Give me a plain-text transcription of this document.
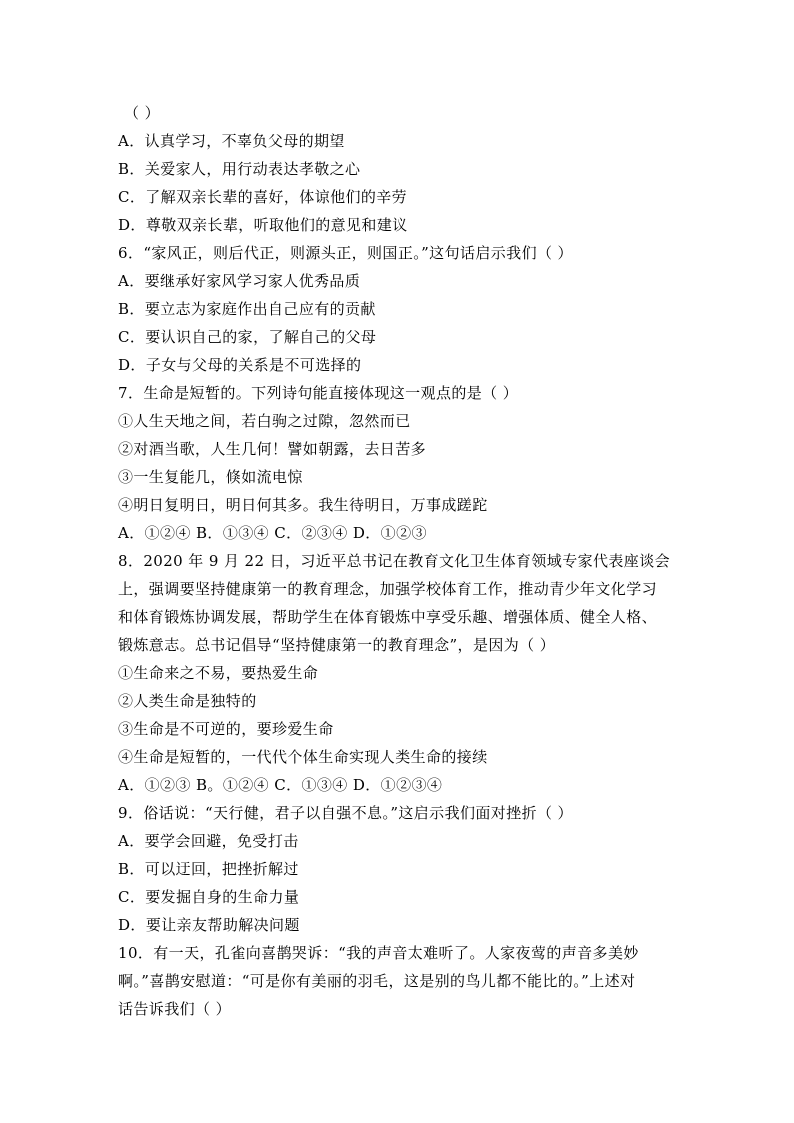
（ ）
A．认真学习，不辜负父母的期望
B．关爱家人，用行动表达孝敬之心
C．了解双亲长辈的喜好，体谅他们的辛劳
D．尊敬双亲长辈，听取他们的意见和建议
6．“家风正，则后代正，则源头正，则国正。”这句话启示我们（ ）
A．要继承好家风学习家人优秀品质
B．要立志为家庭作出自己应有的贡献
C．要认识自己的家，了解自己的父母
D．子女与父母的关系是不可选择的
7．生命是短暂的。下列诗句能直接体现这一观点的是（ ）
①人生天地之间，若白驹之过隙，忽然而已
②对酒当歌，人生几何！譬如朝露，去日苦多
③一生复能几，倏如流电惊
④明日复明日，明日何其多。我生待明日，万事成蹉跎
A．①②④ B．①③④ C．②③④ D．①②③
8．2020 年 9 月 22 日，习近平总书记在教育文化卫生体育领域专家代表座谈会
上，强调要坚持健康第一的教育理念，加强学校体育工作，推动青少年文化学习
和体育锻炼协调发展，帮助学生在体育锻炼中享受乐趣、增强体质、健全人格、
锻炼意志。总书记倡导“坚持健康第一的教育理念”，是因为（ ）
①生命来之不易，要热爱生命
②人类生命是独特的
③生命是不可逆的，要珍爱生命
④生命是短暂的，一代代个体生命实现人类生命的接续
A．①②③ B。①②④ C．①③④ D．①②③④
9．俗话说：“天行健，君子以自强不息。”这启示我们面对挫折（ ）
A．要学会回避，免受打击
B．可以迂回，把挫折解过
C．要发掘自身的生命力量
D．要让亲友帮助解决问题
10．有一天，孔雀向喜鹊哭诉：“我的声音太难听了。人家夜莺的声音多美妙
啊。”喜鹊安慰道：“可是你有美丽的羽毛，这是别的鸟儿都不能比的。”上述对
话告诉我们（ ）
